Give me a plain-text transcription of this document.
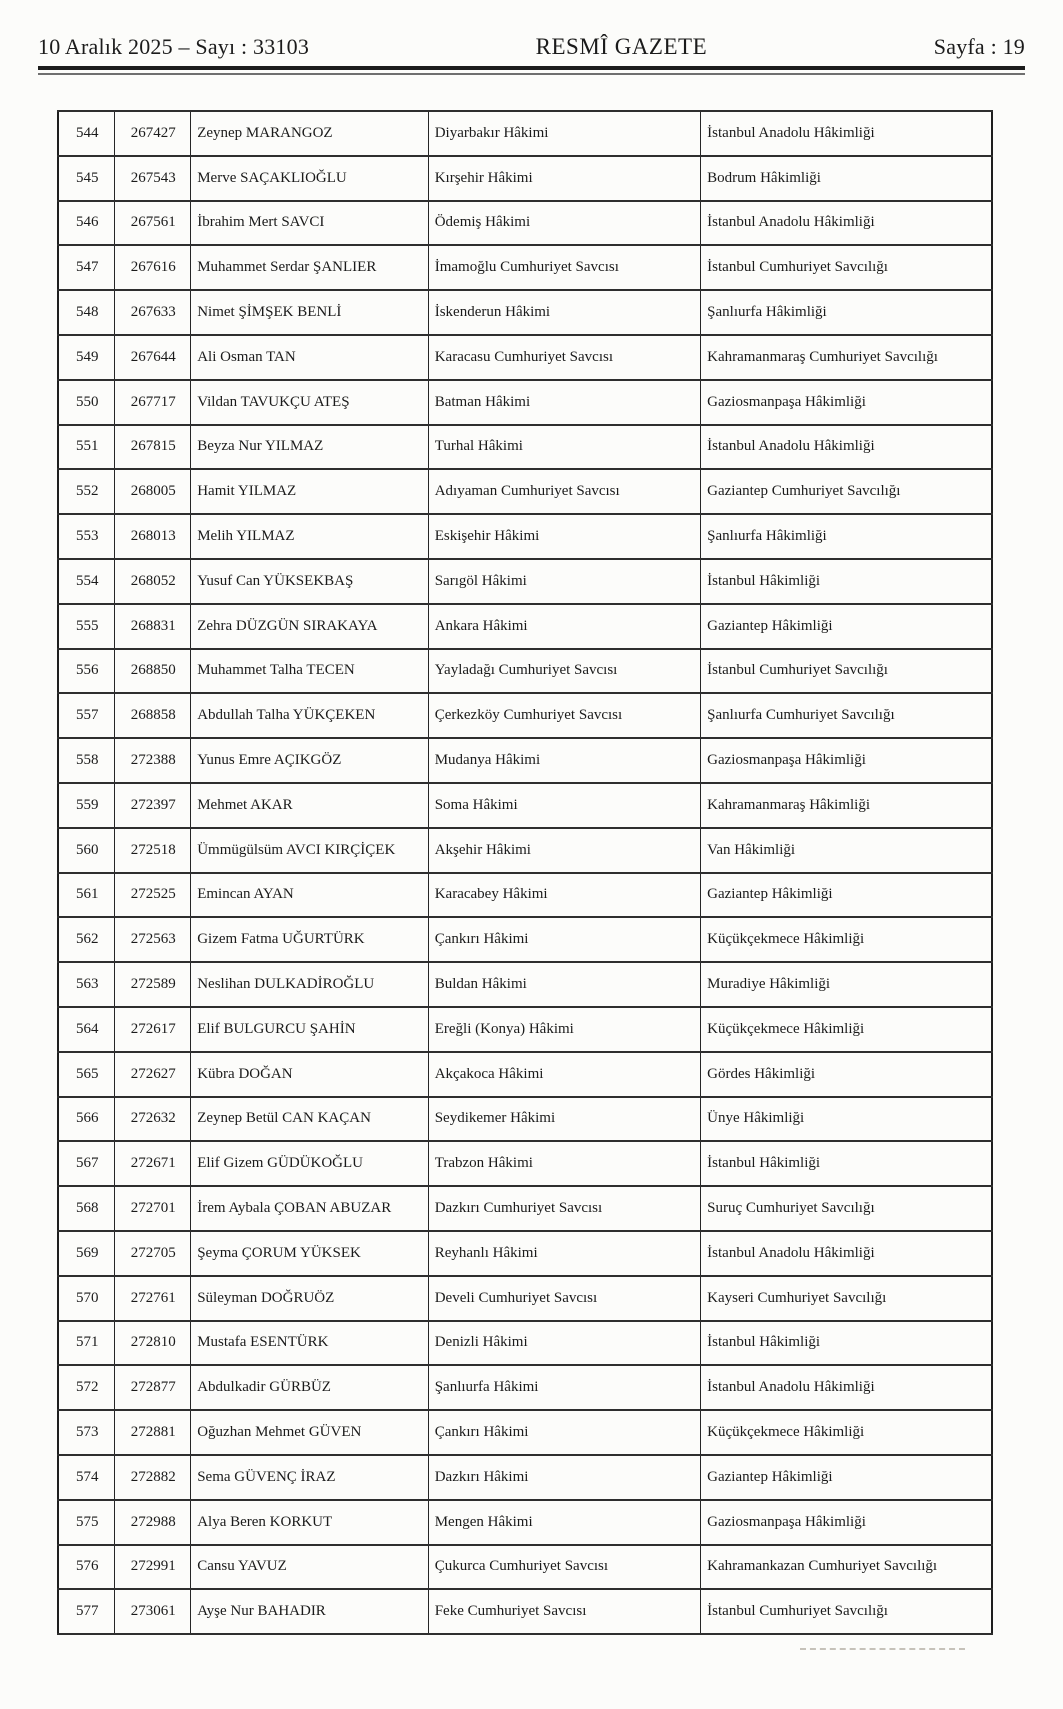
10 Aralık 2025 – Sayı : 33103	RESMÎ GAZETE	Sayfa : 19
544	267427	Zeynep MARANGOZ	Diyarbakır Hâkimi	İstanbul Anadolu Hâkimliği
545	267543	Merve SAÇAKLIOĞLU	Kırşehir Hâkimi	Bodrum Hâkimliği
546	267561	İbrahim Mert SAVCI	Ödemiş Hâkimi	İstanbul Anadolu Hâkimliği
547	267616	Muhammet Serdar ŞANLIER	İmamoğlu Cumhuriyet Savcısı	İstanbul Cumhuriyet Savcılığı
548	267633	Nimet ŞİMŞEK BENLİ	İskenderun Hâkimi	Şanlıurfa Hâkimliği
549	267644	Ali Osman TAN	Karacasu Cumhuriyet Savcısı	Kahramanmaraş Cumhuriyet Savcılığı
550	267717	Vildan TAVUKÇU ATEŞ	Batman Hâkimi	Gaziosmanpaşa Hâkimliği
551	267815	Beyza Nur YILMAZ	Turhal Hâkimi	İstanbul Anadolu Hâkimliği
552	268005	Hamit YILMAZ	Adıyaman Cumhuriyet Savcısı	Gaziantep Cumhuriyet Savcılığı
553	268013	Melih YILMAZ	Eskişehir Hâkimi	Şanlıurfa Hâkimliği
554	268052	Yusuf Can YÜKSEKBAŞ	Sarıgöl Hâkimi	İstanbul Hâkimliği
555	268831	Zehra DÜZGÜN SIRAKAYA	Ankara Hâkimi	Gaziantep Hâkimliği
556	268850	Muhammet Talha TECEN	Yayladağı Cumhuriyet Savcısı	İstanbul Cumhuriyet Savcılığı
557	268858	Abdullah Talha YÜKÇEKEN	Çerkezköy Cumhuriyet Savcısı	Şanlıurfa Cumhuriyet Savcılığı
558	272388	Yunus Emre AÇIKGÖZ	Mudanya Hâkimi	Gaziosmanpaşa Hâkimliği
559	272397	Mehmet AKAR	Soma Hâkimi	Kahramanmaraş Hâkimliği
560	272518	Ümmügülsüm AVCI KIRÇİÇEK	Akşehir Hâkimi	Van Hâkimliği
561	272525	Emincan AYAN	Karacabey Hâkimi	Gaziantep Hâkimliği
562	272563	Gizem Fatma UĞURTÜRK	Çankırı Hâkimi	Küçükçekmece Hâkimliği
563	272589	Neslihan DULKADİROĞLU	Buldan Hâkimi	Muradiye Hâkimliği
564	272617	Elif BULGURCU ŞAHİN	Ereğli (Konya) Hâkimi	Küçükçekmece Hâkimliği
565	272627	Kübra DOĞAN	Akçakoca Hâkimi	Gördes Hâkimliği
566	272632	Zeynep Betül CAN KAÇAN	Seydikemer Hâkimi	Ünye Hâkimliği
567	272671	Elif Gizem GÜDÜKOĞLU	Trabzon Hâkimi	İstanbul Hâkimliği
568	272701	İrem Aybala ÇOBAN ABUZAR	Dazkırı Cumhuriyet Savcısı	Suruç Cumhuriyet Savcılığı
569	272705	Şeyma ÇORUM YÜKSEK	Reyhanlı Hâkimi	İstanbul Anadolu Hâkimliği
570	272761	Süleyman DOĞRUÖZ	Develi Cumhuriyet Savcısı	Kayseri Cumhuriyet Savcılığı
571	272810	Mustafa ESENTÜRK	Denizli Hâkimi	İstanbul Hâkimliği
572	272877	Abdulkadir GÜRBÜZ	Şanlıurfa Hâkimi	İstanbul Anadolu Hâkimliği
573	272881	Oğuzhan Mehmet GÜVEN	Çankırı Hâkimi	Küçükçekmece Hâkimliği
574	272882	Sema GÜVENÇ İRAZ	Dazkırı Hâkimi	Gaziantep Hâkimliği
575	272988	Alya Beren KORKUT	Mengen Hâkimi	Gaziosmanpaşa Hâkimliği
576	272991	Cansu YAVUZ	Çukurca Cumhuriyet Savcısı	Kahramankazan Cumhuriyet Savcılığı
577	273061	Ayşe Nur BAHADIR	Feke Cumhuriyet Savcısı	İstanbul Cumhuriyet Savcılığı
